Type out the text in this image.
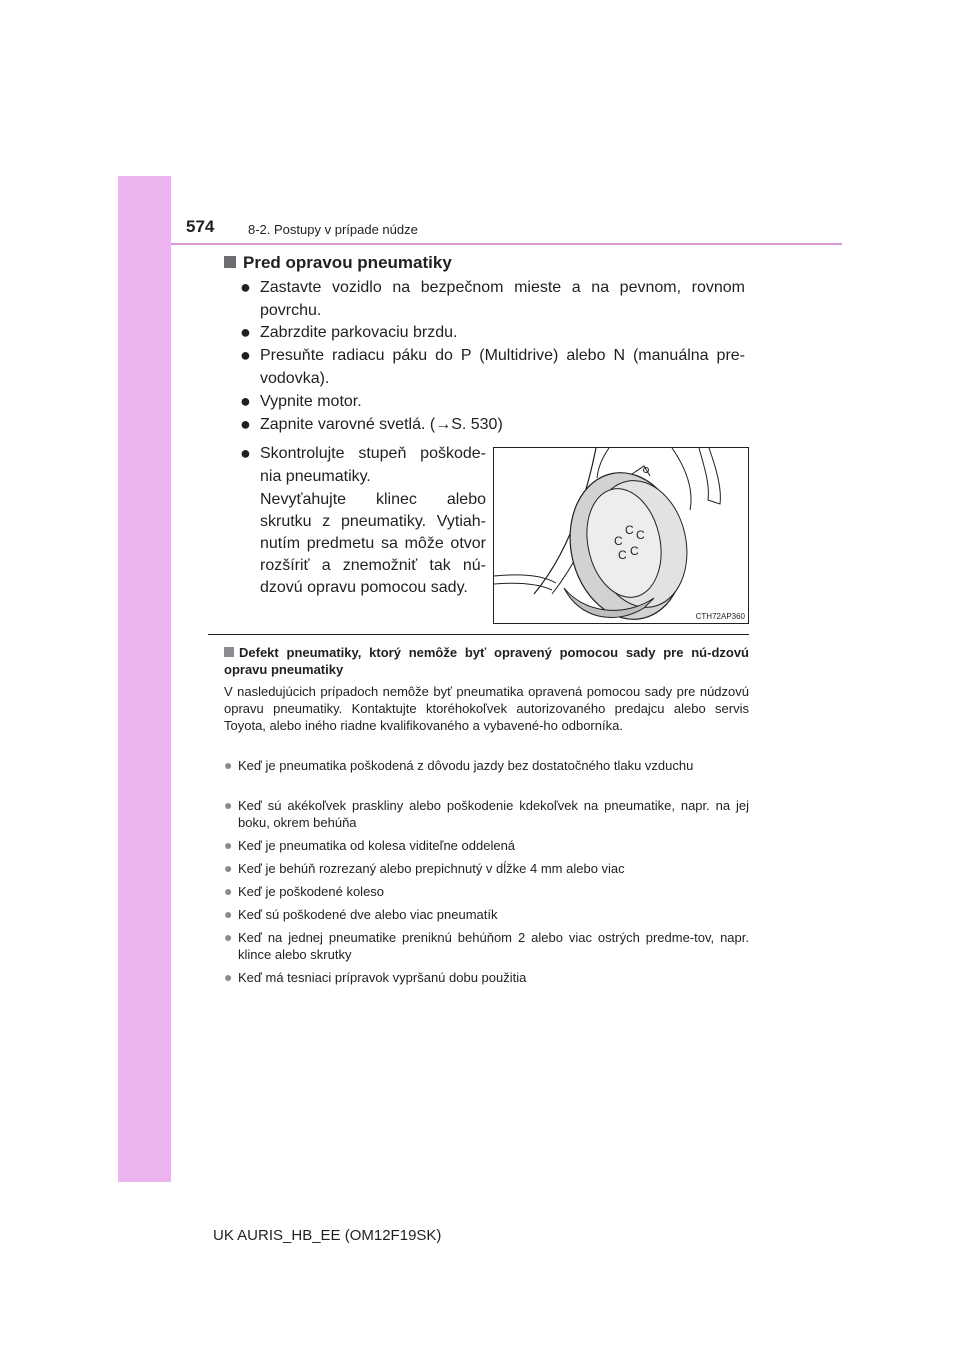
574	8-2. Postupy v prípade núdze
Pred opravou pneumatiky
● Zastavte vozidlo na bezpečnom mieste a na pevnom, rovnom povrchu.
● Zabrzdite parkovaciu brzdu.
● Presuňte radiacu páku do P (Multidrive) alebo N (manuálna pre-vodovka).
● Vypnite motor.
● Zapnite varovné svetlá. (→S. 530)
● Skontrolujte stupeň poškode-nia pneumatiky.
Nevyťahujte klinec alebo skrutku z pneumatiky. Vytiah-nutím predmetu sa môže otvor rozšíriť a znemožniť tak nú-dzovú opravu pomocou sady.
C C
C
C
C
CTH72AP360
Defekt pneumatiky, ktorý nemôže byť opravený pomocou sady pre nú-dzovú opravu pneumatiky
V nasledujúcich prípadoch nemôže byť pneumatika opravená pomocou sady pre núdzovú opravu pneumatiky. Kontaktujte ktoréhokoľvek autorizovaného predajcu alebo servis Toyota, alebo iného riadne kvalifikovaného a vybavené-ho odborníka.
● Keď je pneumatika poškodená z dôvodu jazdy bez dostatočného tlaku vzduchu
● Keď sú akékoľvek praskliny alebo poškodenie kdekoľvek na pneumatike, napr. na jej boku, okrem behúňa
● Keď je pneumatika od kolesa viditeľne oddelená
● Keď je behúň rozrezaný alebo prepichnutý v dĺžke 4 mm alebo viac
● Keď je poškodené koleso
● Keď sú poškodené dve alebo viac pneumatík
● Keď na jednej pneumatike preniknú behúňom 2 alebo viac ostrých predme-tov, napr. klince alebo skrutky
● Keď má tesniaci prípravok vypršanú dobu použitia
UK AURIS_HB_EE (OM12F19SK)
